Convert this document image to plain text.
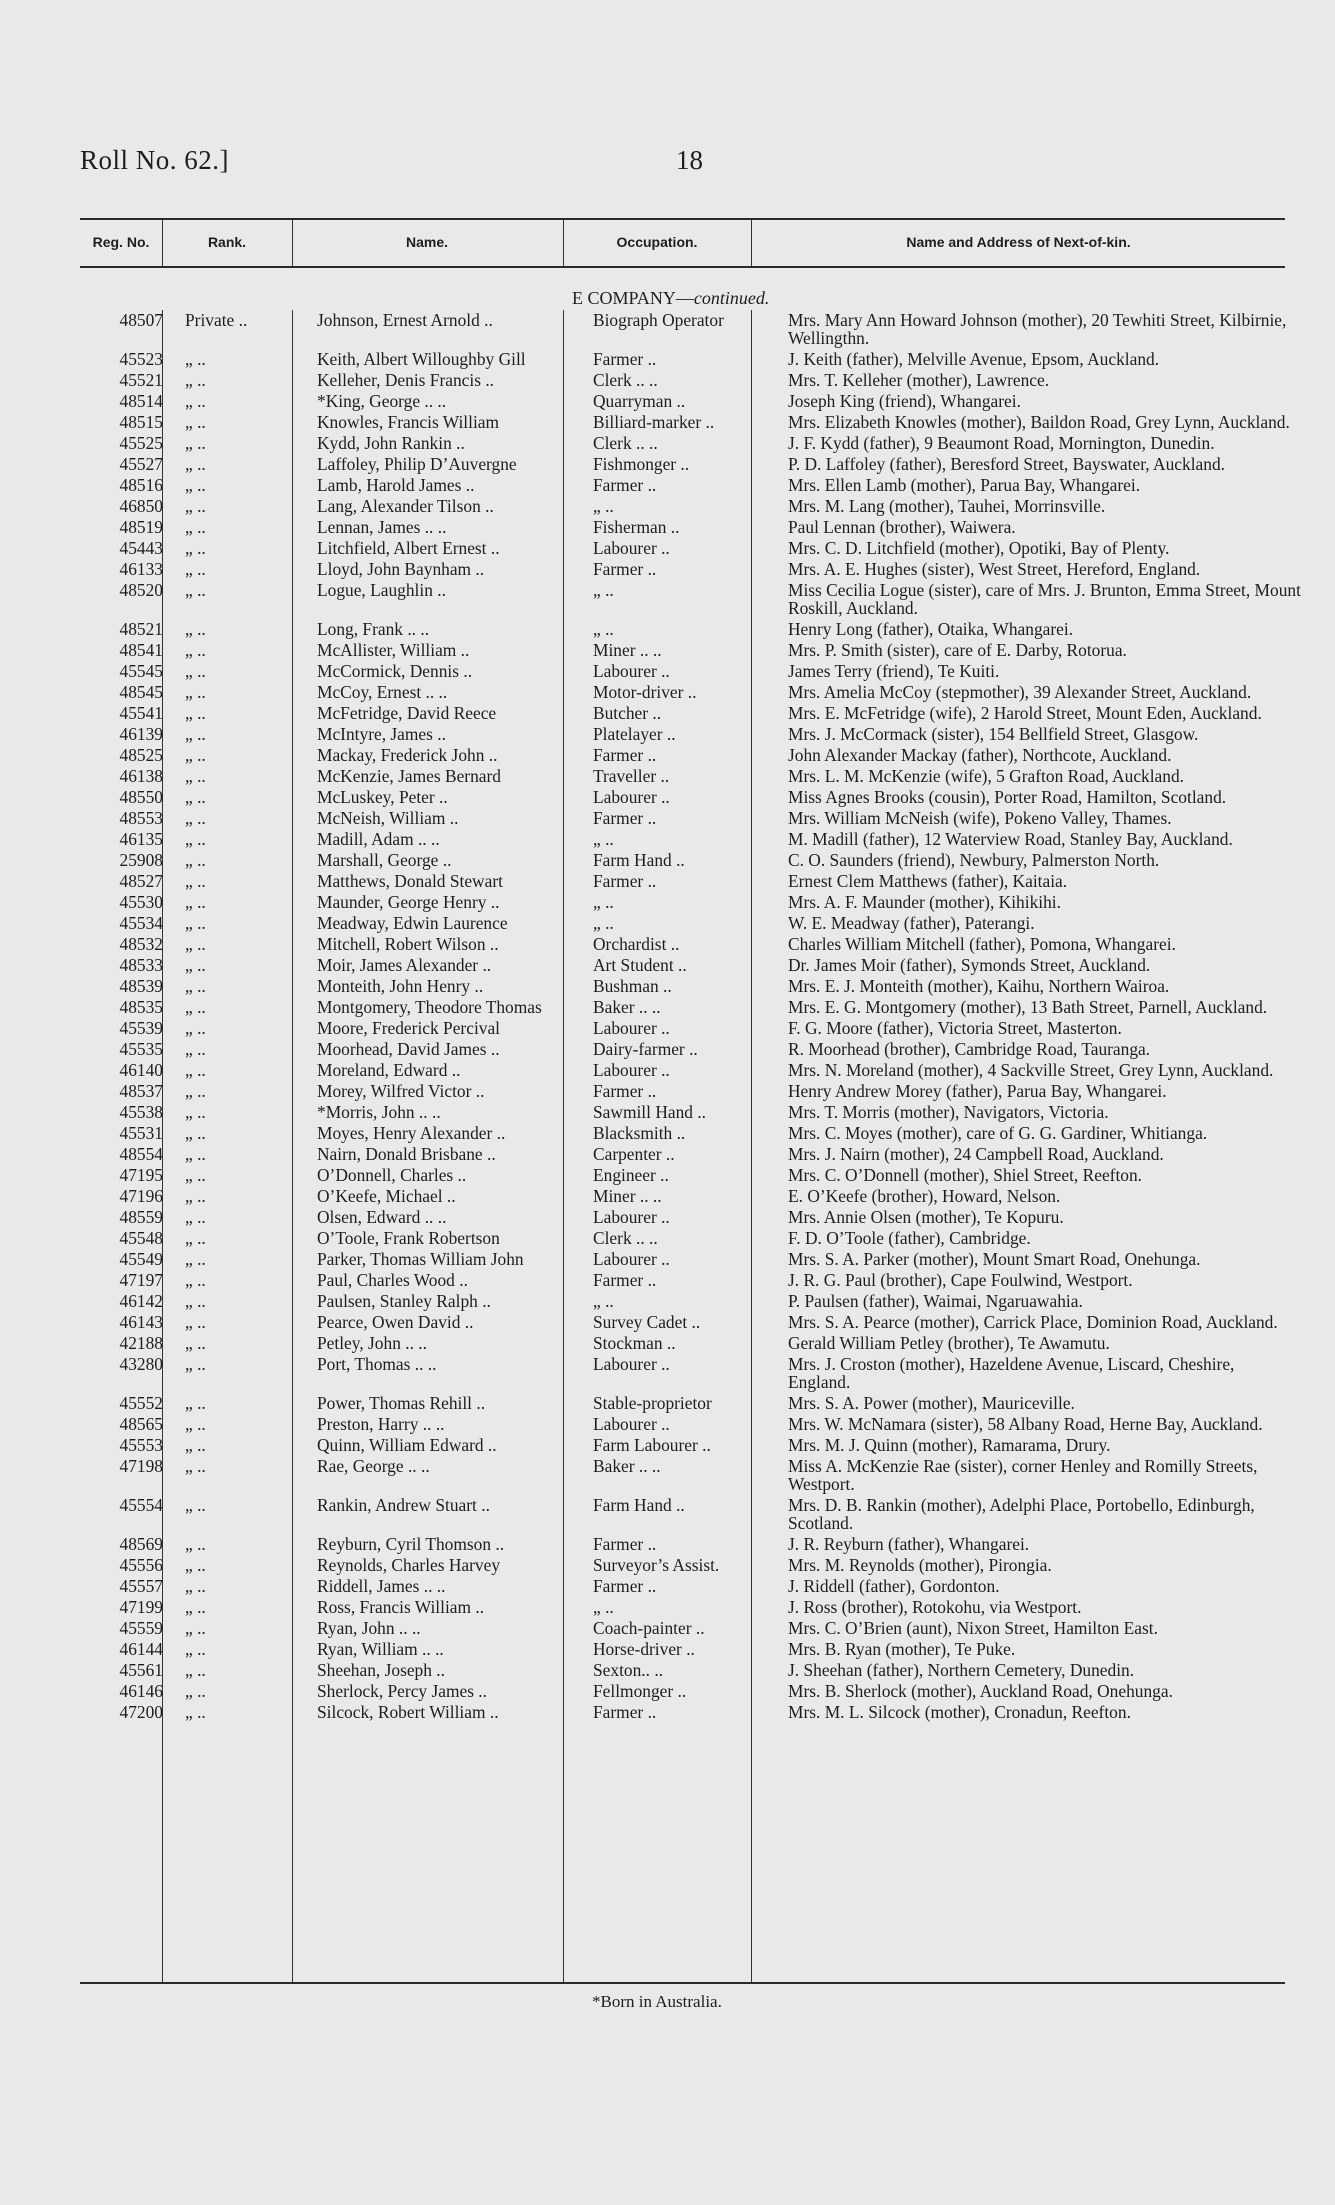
Roll No. 62.]	18
Reg. No.	Rank.	Name.	Occupation.	Name and Address of Next-of-kin.
E COMPANY—continued.
48507	Private ..	Johnson, Ernest Arnold ..	Biograph Operator	Mrs. Mary Ann Howard Johnson (mother), 20 Tewhiti Street, Kilbirnie, Wellingthn.
45523	„ ..	Keith, Albert Willoughby Gill	Farmer ..	J. Keith (father), Melville Avenue, Epsom, Auckland.
45521	„ ..	Kelleher, Denis Francis ..	Clerk .. ..	Mrs. T. Kelleher (mother), Lawrence.
48514	„ ..	*King, George .. ..	Quarryman ..	Joseph King (friend), Whangarei.
48515	„ ..	Knowles, Francis William	Billiard-marker ..	Mrs. Elizabeth Knowles (mother), Baildon Road, Grey Lynn, Auckland.
45525	„ ..	Kydd, John Rankin ..	Clerk .. ..	J. F. Kydd (father), 9 Beaumont Road, Mornington, Dunedin.
45527	„ ..	Laffoley, Philip D’Auvergne	Fishmonger ..	P. D. Laffoley (father), Beresford Street, Bayswater, Auckland.
48516	„ ..	Lamb, Harold James ..	Farmer ..	Mrs. Ellen Lamb (mother), Parua Bay, Whangarei.
46850	„ ..	Lang, Alexander Tilson ..	„ ..	Mrs. M. Lang (mother), Tauhei, Morrinsville.
48519	„ ..	Lennan, James .. ..	Fisherman ..	Paul Lennan (brother), Waiwera.
45443	„ ..	Litchfield, Albert Ernest ..	Labourer ..	Mrs. C. D. Litchfield (mother), Opotiki, Bay of Plenty.
46133	„ ..	Lloyd, John Baynham ..	Farmer ..	Mrs. A. E. Hughes (sister), West Street, Hereford, England.
48520	„ ..	Logue, Laughlin ..	„ ..	Miss Cecilia Logue (sister), care of Mrs. J. Brunton, Emma Street, Mount Roskill, Auckland.
48521	„ ..	Long, Frank .. ..	„ ..	Henry Long (father), Otaika, Whangarei.
48541	„ ..	McAllister, William ..	Miner .. ..	Mrs. P. Smith (sister), care of E. Darby, Rotorua.
45545	„ ..	McCormick, Dennis ..	Labourer ..	James Terry (friend), Te Kuiti.
48545	„ ..	McCoy, Ernest .. ..	Motor-driver ..	Mrs. Amelia McCoy (stepmother), 39 Alexander Street, Auckland.
45541	„ ..	McFetridge, David Reece	Butcher ..	Mrs. E. McFetridge (wife), 2 Harold Street, Mount Eden, Auckland.
46139	„ ..	McIntyre, James ..	Platelayer ..	Mrs. J. McCormack (sister), 154 Bellfield Street, Glasgow.
48525	„ ..	Mackay, Frederick John ..	Farmer ..	John Alexander Mackay (father), Northcote, Auckland.
46138	„ ..	McKenzie, James Bernard	Traveller ..	Mrs. L. M. McKenzie (wife), 5 Grafton Road, Auckland.
48550	„ ..	McLuskey, Peter ..	Labourer ..	Miss Agnes Brooks (cousin), Porter Road, Hamilton, Scotland.
48553	„ ..	McNeish, William ..	Farmer ..	Mrs. William McNeish (wife), Pokeno Valley, Thames.
46135	„ ..	Madill, Adam .. ..	„ ..	M. Madill (father), 12 Waterview Road, Stanley Bay, Auckland.
25908	„ ..	Marshall, George ..	Farm Hand ..	C. O. Saunders (friend), Newbury, Palmerston North.
48527	„ ..	Matthews, Donald Stewart	Farmer ..	Ernest Clem Matthews (father), Kaitaia.
45530	„ ..	Maunder, George Henry ..	„ ..	Mrs. A. F. Maunder (mother), Kihikihi.
45534	„ ..	Meadway, Edwin Laurence	„ ..	W. E. Meadway (father), Paterangi.
48532	„ ..	Mitchell, Robert Wilson ..	Orchardist ..	Charles William Mitchell (father), Pomona, Whangarei.
48533	„ ..	Moir, James Alexander ..	Art Student ..	Dr. James Moir (father), Symonds Street, Auckland.
48539	„ ..	Monteith, John Henry ..	Bushman ..	Mrs. E. J. Monteith (mother), Kaihu, Northern Wairoa.
48535	„ ..	Montgomery, Theodore Thomas	Baker .. ..	Mrs. E. G. Montgomery (mother), 13 Bath Street, Parnell, Auckland.
45539	„ ..	Moore, Frederick Percival	Labourer ..	F. G. Moore (father), Victoria Street, Masterton.
45535	„ ..	Moorhead, David James ..	Dairy-farmer ..	R. Moorhead (brother), Cambridge Road, Tauranga.
46140	„ ..	Moreland, Edward ..	Labourer ..	Mrs. N. Moreland (mother), 4 Sackville Street, Grey Lynn, Auckland.
48537	„ ..	Morey, Wilfred Victor ..	Farmer ..	Henry Andrew Morey (father), Parua Bay, Whangarei.
45538	„ ..	*Morris, John .. ..	Sawmill Hand ..	Mrs. T. Morris (mother), Navigators, Victoria.
45531	„ ..	Moyes, Henry Alexander ..	Blacksmith ..	Mrs. C. Moyes (mother), care of G. G. Gardiner, Whitianga.
48554	„ ..	Nairn, Donald Brisbane ..	Carpenter ..	Mrs. J. Nairn (mother), 24 Campbell Road, Auckland.
47195	„ ..	O’Donnell, Charles ..	Engineer ..	Mrs. C. O’Donnell (mother), Shiel Street, Reefton.
47196	„ ..	O’Keefe, Michael ..	Miner .. ..	E. O’Keefe (brother), Howard, Nelson.
48559	„ ..	Olsen, Edward .. ..	Labourer ..	Mrs. Annie Olsen (mother), Te Kopuru.
45548	„ ..	O’Toole, Frank Robertson	Clerk .. ..	F. D. O’Toole (father), Cambridge.
45549	„ ..	Parker, Thomas William John	Labourer ..	Mrs. S. A. Parker (mother), Mount Smart Road, Onehunga.
47197	„ ..	Paul, Charles Wood ..	Farmer ..	J. R. G. Paul (brother), Cape Foulwind, Westport.
46142	„ ..	Paulsen, Stanley Ralph ..	„ ..	P. Paulsen (father), Waimai, Ngaruawahia.
46143	„ ..	Pearce, Owen David ..	Survey Cadet ..	Mrs. S. A. Pearce (mother), Carrick Place, Dominion Road, Auckland.
42188	„ ..	Petley, John .. ..	Stockman ..	Gerald William Petley (brother), Te Awamutu.
43280	„ ..	Port, Thomas .. ..	Labourer ..	Mrs. J. Croston (mother), Hazeldene Avenue, Liscard, Cheshire, England.
45552	„ ..	Power, Thomas Rehill ..	Stable-proprietor	Mrs. S. A. Power (mother), Mauriceville.
48565	„ ..	Preston, Harry .. ..	Labourer ..	Mrs. W. McNamara (sister), 58 Albany Road, Herne Bay, Auckland.
45553	„ ..	Quinn, William Edward ..	Farm Labourer ..	Mrs. M. J. Quinn (mother), Ramarama, Drury.
47198	„ ..	Rae, George .. ..	Baker .. ..	Miss A. McKenzie Rae (sister), corner Henley and Romilly Streets, Westport.
45554	„ ..	Rankin, Andrew Stuart ..	Farm Hand ..	Mrs. D. B. Rankin (mother), Adelphi Place, Portobello, Edinburgh, Scotland.
48569	„ ..	Reyburn, Cyril Thomson ..	Farmer ..	J. R. Reyburn (father), Whangarei.
45556	„ ..	Reynolds, Charles Harvey	Surveyor’s Assist.	Mrs. M. Reynolds (mother), Pirongia.
45557	„ ..	Riddell, James .. ..	Farmer ..	J. Riddell (father), Gordonton.
47199	„ ..	Ross, Francis William ..	„ ..	J. Ross (brother), Rotokohu, via Westport.
45559	„ ..	Ryan, John .. ..	Coach-painter ..	Mrs. C. O’Brien (aunt), Nixon Street, Hamilton East.
46144	„ ..	Ryan, William .. ..	Horse-driver ..	Mrs. B. Ryan (mother), Te Puke.
45561	„ ..	Sheehan, Joseph ..	Sexton.. ..	J. Sheehan (father), Northern Cemetery, Dunedin.
46146	„ ..	Sherlock, Percy James ..	Fellmonger ..	Mrs. B. Sherlock (mother), Auckland Road, Onehunga.
47200	„ ..	Silcock, Robert William ..	Farmer ..	Mrs. M. L. Silcock (mother), Cronadun, Reefton.
*Born in Australia.
